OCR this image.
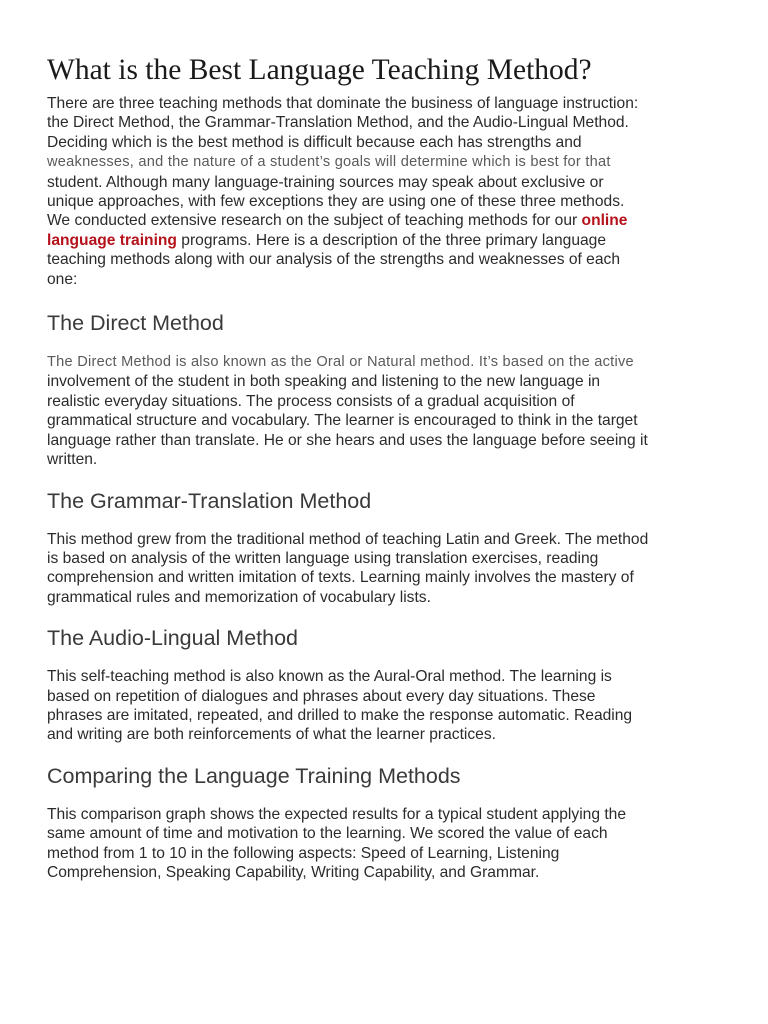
What is the Best Language Teaching Method?

There are three teaching methods that dominate the business of language instruction:
the Direct Method, the Grammar-Translation Method, and the Audio-Lingual Method.
Deciding which is the best method is difficult because each has strengths and
weaknesses, and the nature of a student’s goals will determine which is best for that
student. Although many language-training sources may speak about exclusive or
unique approaches, with few exceptions they are using one of these three methods.
We conducted extensive research on the subject of teaching methods for our online
language training programs. Here is a description of the three primary language
teaching methods along with our analysis of the strengths and weaknesses of each
one:

The Direct Method

The Direct Method is also known as the Oral or Natural method. It’s based on the active
involvement of the student in both speaking and listening to the new language in
realistic everyday situations. The process consists of a gradual acquisition of
grammatical structure and vocabulary. The learner is encouraged to think in the target
language rather than translate. He or she hears and uses the language before seeing it
written.

The Grammar-Translation Method

This method grew from the traditional method of teaching Latin and Greek. The method
is based on analysis of the written language using translation exercises, reading
comprehension and written imitation of texts. Learning mainly involves the mastery of
grammatical rules and memorization of vocabulary lists.

The Audio-Lingual Method

This self-teaching method is also known as the Aural-Oral method. The learning is
based on repetition of dialogues and phrases about every day situations. These
phrases are imitated, repeated, and drilled to make the response automatic. Reading
and writing are both reinforcements of what the learner practices.

Comparing the Language Training Methods

This comparison graph shows the expected results for a typical student applying the
same amount of time and motivation to the learning. We scored the value of each
method from 1 to 10 in the following aspects: Speed of Learning, Listening
Comprehension, Speaking Capability, Writing Capability, and Grammar.
